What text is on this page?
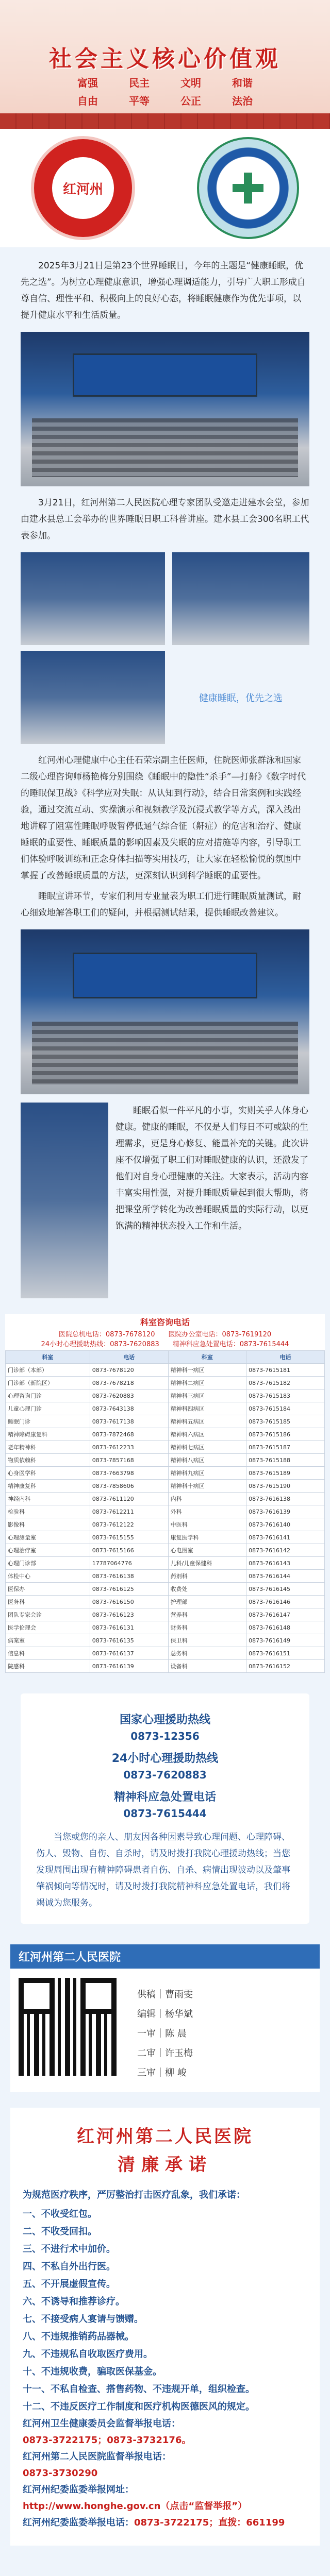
社会主义核心价值观
富强	民主	文明	和谐
自由	平等	公正	法治
红河州

2025年3月21日是第23个世界睡眠日，今年的主题是“健康睡眠，优先之选”。为树立心理健康意识，增强心理调适能力，引导广大职工形成自尊自信、理性平和、积极向上的良好心态，将睡眠健康作为优先事项，以提升健康水平和生活质量。

3月21日，红河州第二人民医院心理专家团队受邀走进建水会堂，参加由建水县总工会举办的世界睡眠日职工科普讲座。建水县工会300名职工代表参加。

健康睡眠，优先之选

红河州心理健康中心主任石荣宗副主任医师，住院医师张群泳和国家二级心理咨询师杨艳梅分别围绕《睡眠中的隐性“杀手”—打鼾》《数字时代的睡眠保卫战》《科学应对失眠：从认知到行动》，结合日常案例和实践经验，通过交流互动、实操演示和视频教学及沉浸式教学等方式，深入浅出地讲解了阻塞性睡眠呼吸暂停低通气综合征（鼾症）的危害和治疗、健康睡眠的重要性、睡眠质量的影响因素及失眠的应对措施等内容，引导职工们体验呼吸训练和正念身体扫描等实用技巧，让大家在轻松愉悦的氛围中掌握了改善睡眠质量的方法，更深刻认识到科学睡眠的重要性。

睡眠宣讲环节，专家们利用专业量表为职工们进行睡眠质量测试，耐心细致地解答职工们的疑问，并根据测试结果，提供睡眠改善建议。

睡眠看似一件平凡的小事，实则关乎人体身心健康。健康的睡眠，不仅是人们每日不可或缺的生理需求，更是身心修复、能量补充的关键。此次讲座不仅增强了职工们对睡眠健康的认识，还激发了他们对自身心理健康的关注。大家表示，活动内容丰富实用性强，对提升睡眠质量起到很大帮助，将把课堂所学转化为改善睡眠质量的实际行动，以更饱满的精神状态投入工作和生活。

科室咨询电话
医院总机电话：0873-7678120　　医院办公室电话：0873-7619120
24小时心理援助热线：0873-7620883　　精神科应急处置电话：0873-7615444
科室	电话	科室	电话
门诊部（本部）	0873-7678120	精神科一病区	0873-7615181
门诊部（新院区）	0873-7678218	精神科二病区	0873-7615182
心理咨询门诊	0873-7620883	精神科三病区	0873-7615183
儿童心理门诊	0873-7643138	精神科四病区	0873-7615184
睡眠门诊	0873-7617138	精神科五病区	0873-7615185
精神障碍康复科	0873-7872468	精神科六病区	0873-7615186
老年精神科	0873-7612233	精神科七病区	0873-7615187
物质依赖科	0873-7857168	精神科八病区	0873-7615188
心身医学科	0873-7663798	精神科九病区	0873-7615189
精神康复科	0873-7858606	精神科十病区	0873-7615190
神经内科	0873-7611120	内科	0873-7616138
检验科	0873-7612211	外科	0873-7616139
影像科	0873-7612122	中医科	0873-7616140
心理测量室	0873-7615155	康复医学科	0873-7616141
心理治疗室	0873-7615166	心电图室	0873-7616142
心理门诊部	17787064776	儿科/儿童保健科	0873-7616143
体检中心	0873-7616138	药剂科	0873-7616144
医保办	0873-7616125	收费处	0873-7616145
医务科	0873-7616150	护理部	0873-7616146
团队专家会诊	0873-7616123	营养科	0873-7616147
医学伦理会	0873-7616131	财务科	0873-7616148
病案室	0873-7616135	保卫科	0873-7616149
信息科	0873-7616137	总务科	0873-7616151
院感科	0873-7616139	设备科	0873-7616152
国家心理援助热线
0873-12356
24小时心理援助热线
0873-7620883
精神科应急处置电话
0873-7615444

当您或您的亲人、朋友因各种因素导致心理问题、心理障碍、伤人、毁物、自伤、自杀时，请及时拨打我院心理援助热线；当您发现周围出现有精神障碍患者自伤、自杀、病情出现波动以及肇事肇祸倾向等情况时，请及时拨打我院精神科应急处置电话，我们将竭诚为您服务。

红河州第二人民医院
供稿｜曹雨雯
编辑｜杨华斌
一审｜陈 晨
二审｜许玉梅
三审｜柳 峻
红河州第二人民医院
清廉承诺
为规范医疗秩序，严厉整治打击医疗乱象，我们承诺：
一、不收受红包。
二、不收受回扣。
三、不进行术中加价。
四、不私自外出行医。
五、不开展虚假宣传。
六、不诱导和推荐诊疗。
七、不接受病人宴请与馈赠。
八、不违规推销药品器械。
九、不违规私自收取医疗费用。
十、不违规收费，骗取医保基金。
十一、不私自检查、搭售药物、不违规开单，组织检查。
十二、不违反医疗工作制度和医疗机构医德医风的规定。
红河州卫生健康委员会监督举报电话：
0873-3722175；0873-3732176。
红河州第二人民医院监督举报电话：
0873-3730290
红河州纪委监委举报网址：
http://www.honghe.gov.cn（点击“监督举报”）
红河州纪委监委举报电话：0873-3722175；直拨：661199
